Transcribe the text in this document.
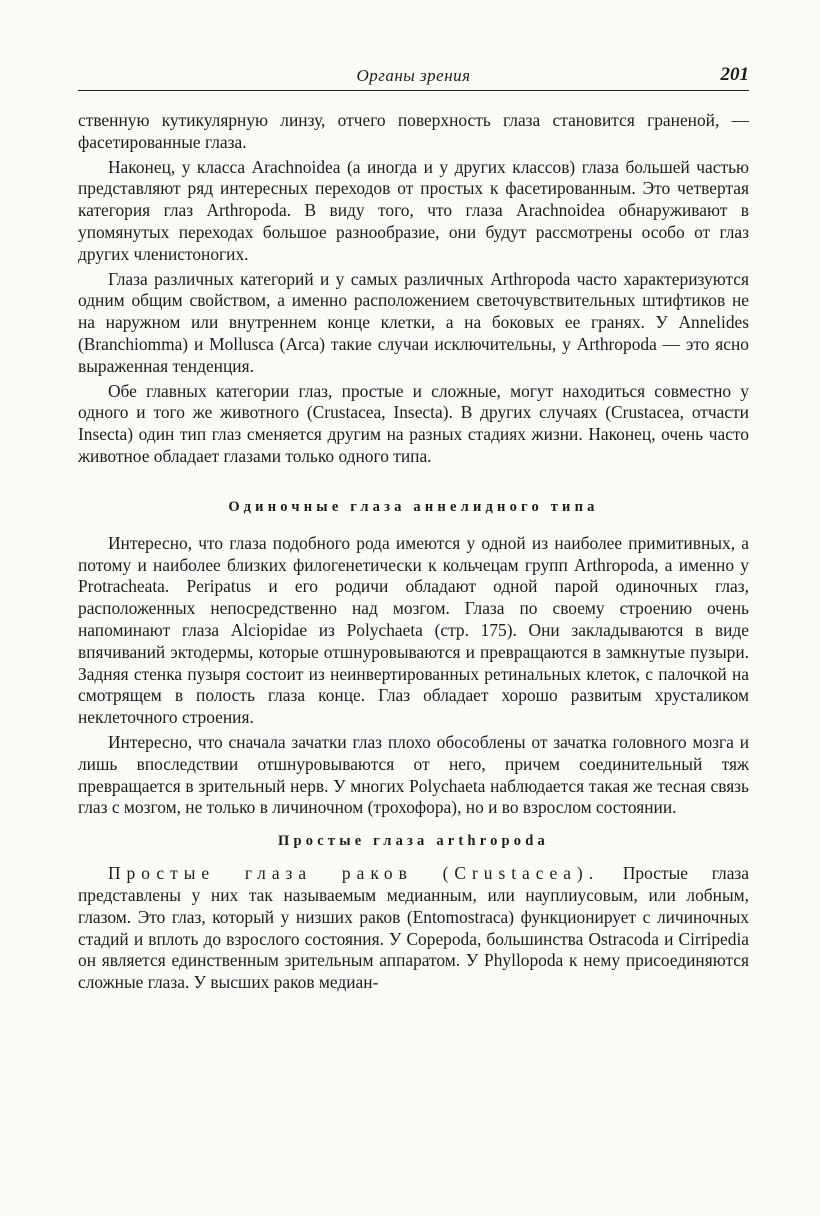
Органы зрения	201

ственную кутикулярную линзу, отчего поверхность глаза становится граненой, — фасетированные глаза.

Наконец, у класса Arachnoidea (а иногда и у других классов) глаза большей частью представляют ряд интересных переходов от простых к фасетированным. Это четвертая категория глаз Arthropoda. В виду того, что глаза Arachnoidea обнаруживают в упомянутых переходах большое разнообразие, они будут рассмотрены особо от глаз других членистоногих.

Глаза различных категорий и у самых различных Arthropoda часто характеризуются одним общим свойством, а именно расположением светочувствительных штифтиков не на наружном или внутреннем конце клетки, а на боковых ее гранях. У Annelides (Branchiomma) и Mollusca (Arca) такие случаи исключительны, у Arthropoda — это ясно выраженная тенденция.

Обе главных категории глаз, простые и сложные, могут находиться совместно у одного и того же животного (Crustacea, Insecta). В других случаях (Crustacea, отчасти Insecta) один тип глаз сменяется другим на разных стадиях жизни. Наконец, очень часто животное обладает глазами только одного типа.

Одиночные глаза аннелидного типа

Интересно, что глаза подобного рода имеются у одной из наиболее примитивных, а потому и наиболее близких филогенетически к кольчецам групп Arthropoda, а именно у Protracheata. Peripatus и его родичи обладают одной парой одиночных глаз, расположенных непосредственно над мозгом. Глаза по своему строению очень напоминают глаза Alciopidae из Polychaeta (стр. 175). Они закладываются в виде впячиваний эктодермы, которые отшнуровываются и превращаются в замкнутые пузыри. Задняя стенка пузыря состоит из неинвертированных ретинальных клеток, с палочкой на смотрящем в полость глаза конце. Глаз обладает хорошо развитым хрусталиком неклеточного строения.

Интересно, что сначала зачатки глаз плохо обособлены от зачатка головного мозга и лишь впоследствии отшнуровываются от него, причем соединительный тяж превращается в зрительный нерв. У многих Polychaeta наблюдается такая же тесная связь глаз с мозгом, не только в личиночном (трохофора), но и во взрослом состоянии.

Простые глаза arthropoda

Простые глаза раков (Crustacea). Простые глаза представлены у них так называемым медианным, или науплиусовым, или лобным, глазом. Это глаз, который у низших раков (Entomostraca) функционирует с личиночных стадий и вплоть до взрослого состояния. У Copepoda, большинства Ostracoda и Cirripedia он является единственным зрительным аппаратом. У Phyllopoda к нему присоединяются сложные глаза. У высших раков медиан-
